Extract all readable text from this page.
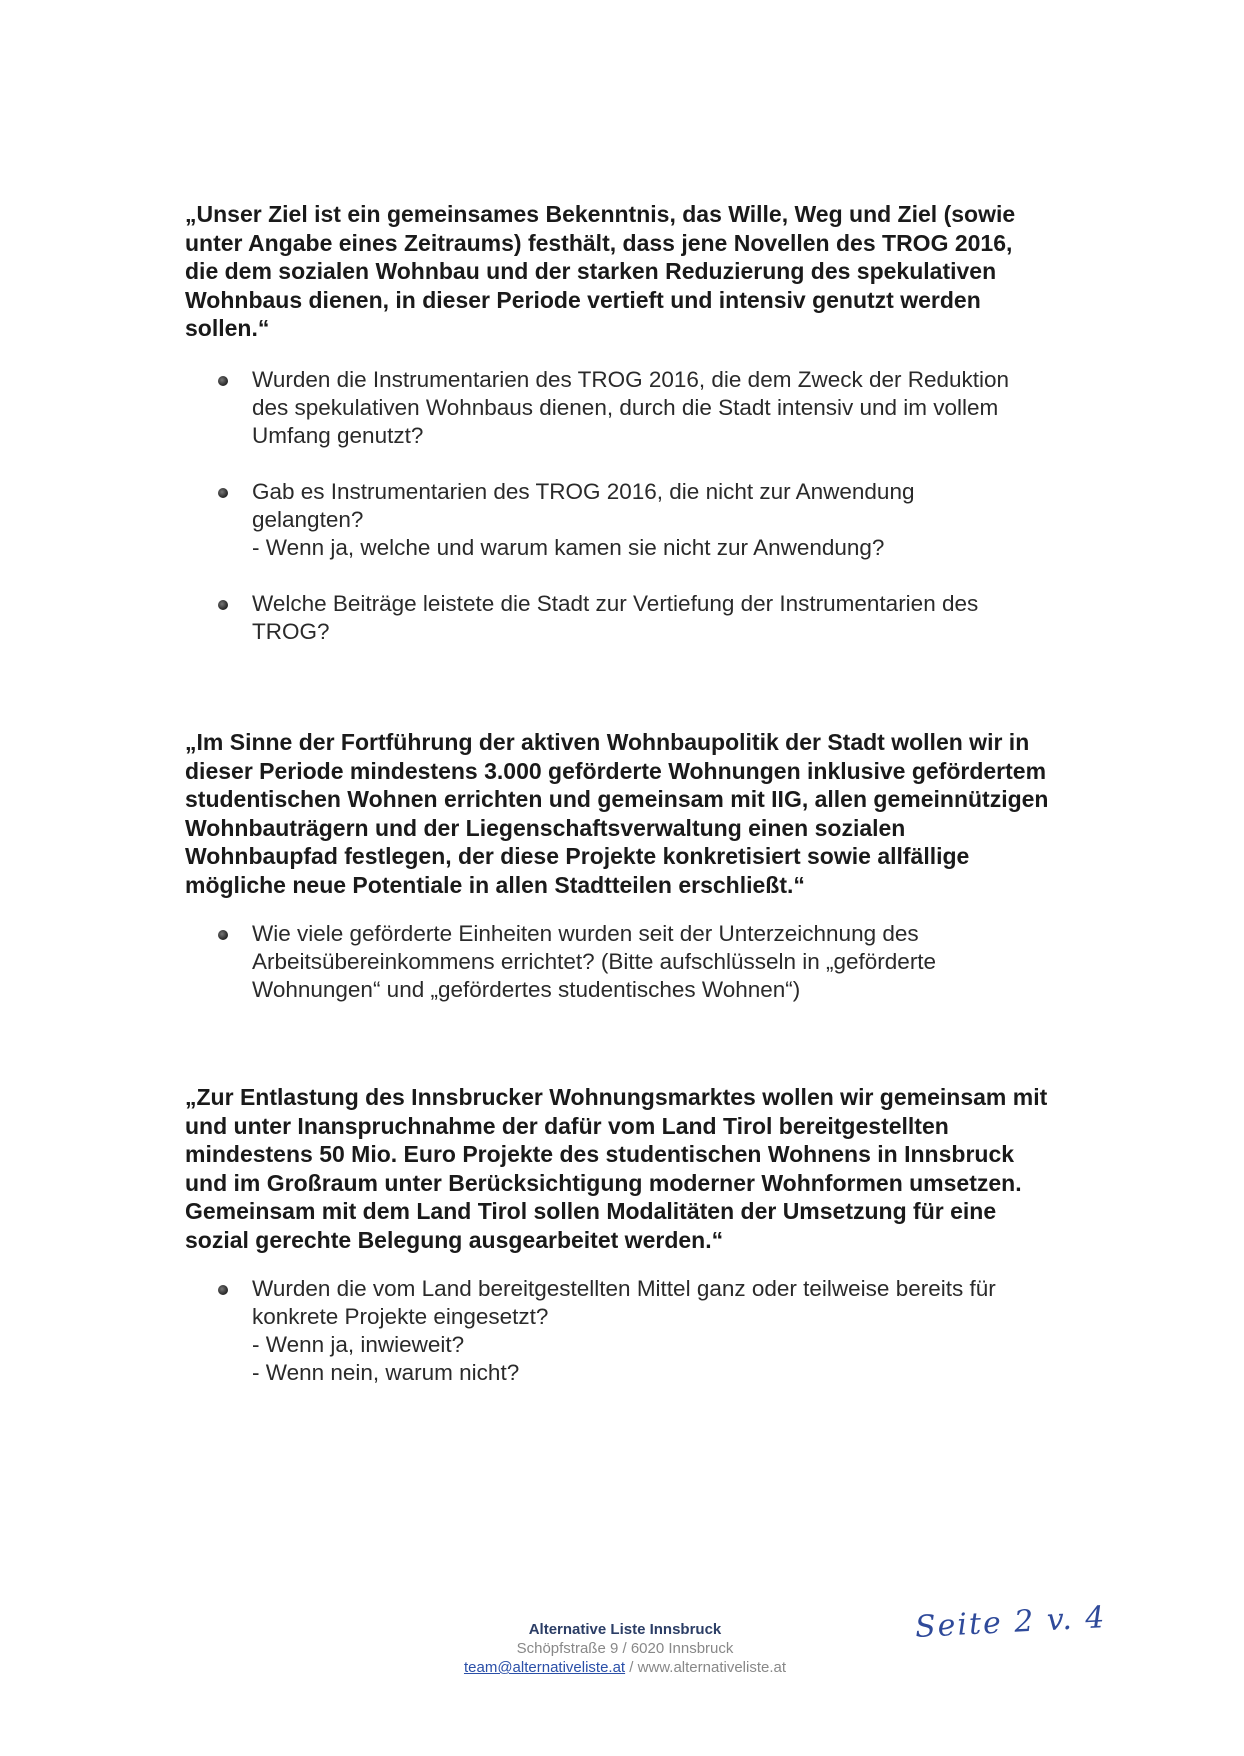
„Unser Ziel ist ein gemeinsames Bekenntnis, das Wille, Weg und Ziel (sowie
unter Angabe eines Zeitraums) festhält, dass jene Novellen des TROG 2016,
die dem sozialen Wohnbau und der starken Reduzierung des spekulativen
Wohnbaus dienen, in dieser Periode vertieft und intensiv genutzt werden
sollen.“
Wurden die Instrumentarien des TROG 2016, die dem Zweck der Reduktion
des spekulativen Wohnbaus dienen, durch die Stadt intensiv und im vollem
Umfang genutzt?
Gab es Instrumentarien des TROG 2016, die nicht zur Anwendung
gelangten?
- Wenn ja, welche und warum kamen sie nicht zur Anwendung?
Welche Beiträge leistete die Stadt zur Vertiefung der Instrumentarien des
TROG?
„Im Sinne der Fortführung der aktiven Wohnbaupolitik der Stadt wollen wir in
dieser Periode mindestens 3.000 geförderte Wohnungen inklusive gefördertem
studentischen Wohnen errichten und gemeinsam mit IIG, allen gemeinnützigen
Wohnbauträgern und der Liegenschaftsverwaltung einen sozialen
Wohnbaupfad festlegen, der diese Projekte konkretisiert sowie allfällige
mögliche neue Potentiale in allen Stadtteilen erschließt.“
Wie viele geförderte Einheiten wurden seit der Unterzeichnung des
Arbeitsübereinkommens errichtet? (Bitte aufschlüsseln in „geförderte
Wohnungen“ und „gefördertes studentisches Wohnen“)
„Zur Entlastung des Innsbrucker Wohnungsmarktes wollen wir gemeinsam mit
und unter Inanspruchnahme der dafür vom Land Tirol bereitgestellten
mindestens 50 Mio. Euro Projekte des studentischen Wohnens in Innsbruck
und im Großraum unter Berücksichtigung moderner Wohnformen umsetzen.
Gemeinsam mit dem Land Tirol sollen Modalitäten der Umsetzung für eine
sozial gerechte Belegung ausgearbeitet werden.“
Wurden die vom Land bereitgestellten Mittel ganz oder teilweise bereits für
konkrete Projekte eingesetzt?
- Wenn ja, inwieweit?
- Wenn nein, warum nicht?
Alternative Liste Innsbruck
Schöpfstraße 9 / 6020 Innsbruck
team@alternativeliste.at / www.alternativeliste.at
Seite 2 v. 4
